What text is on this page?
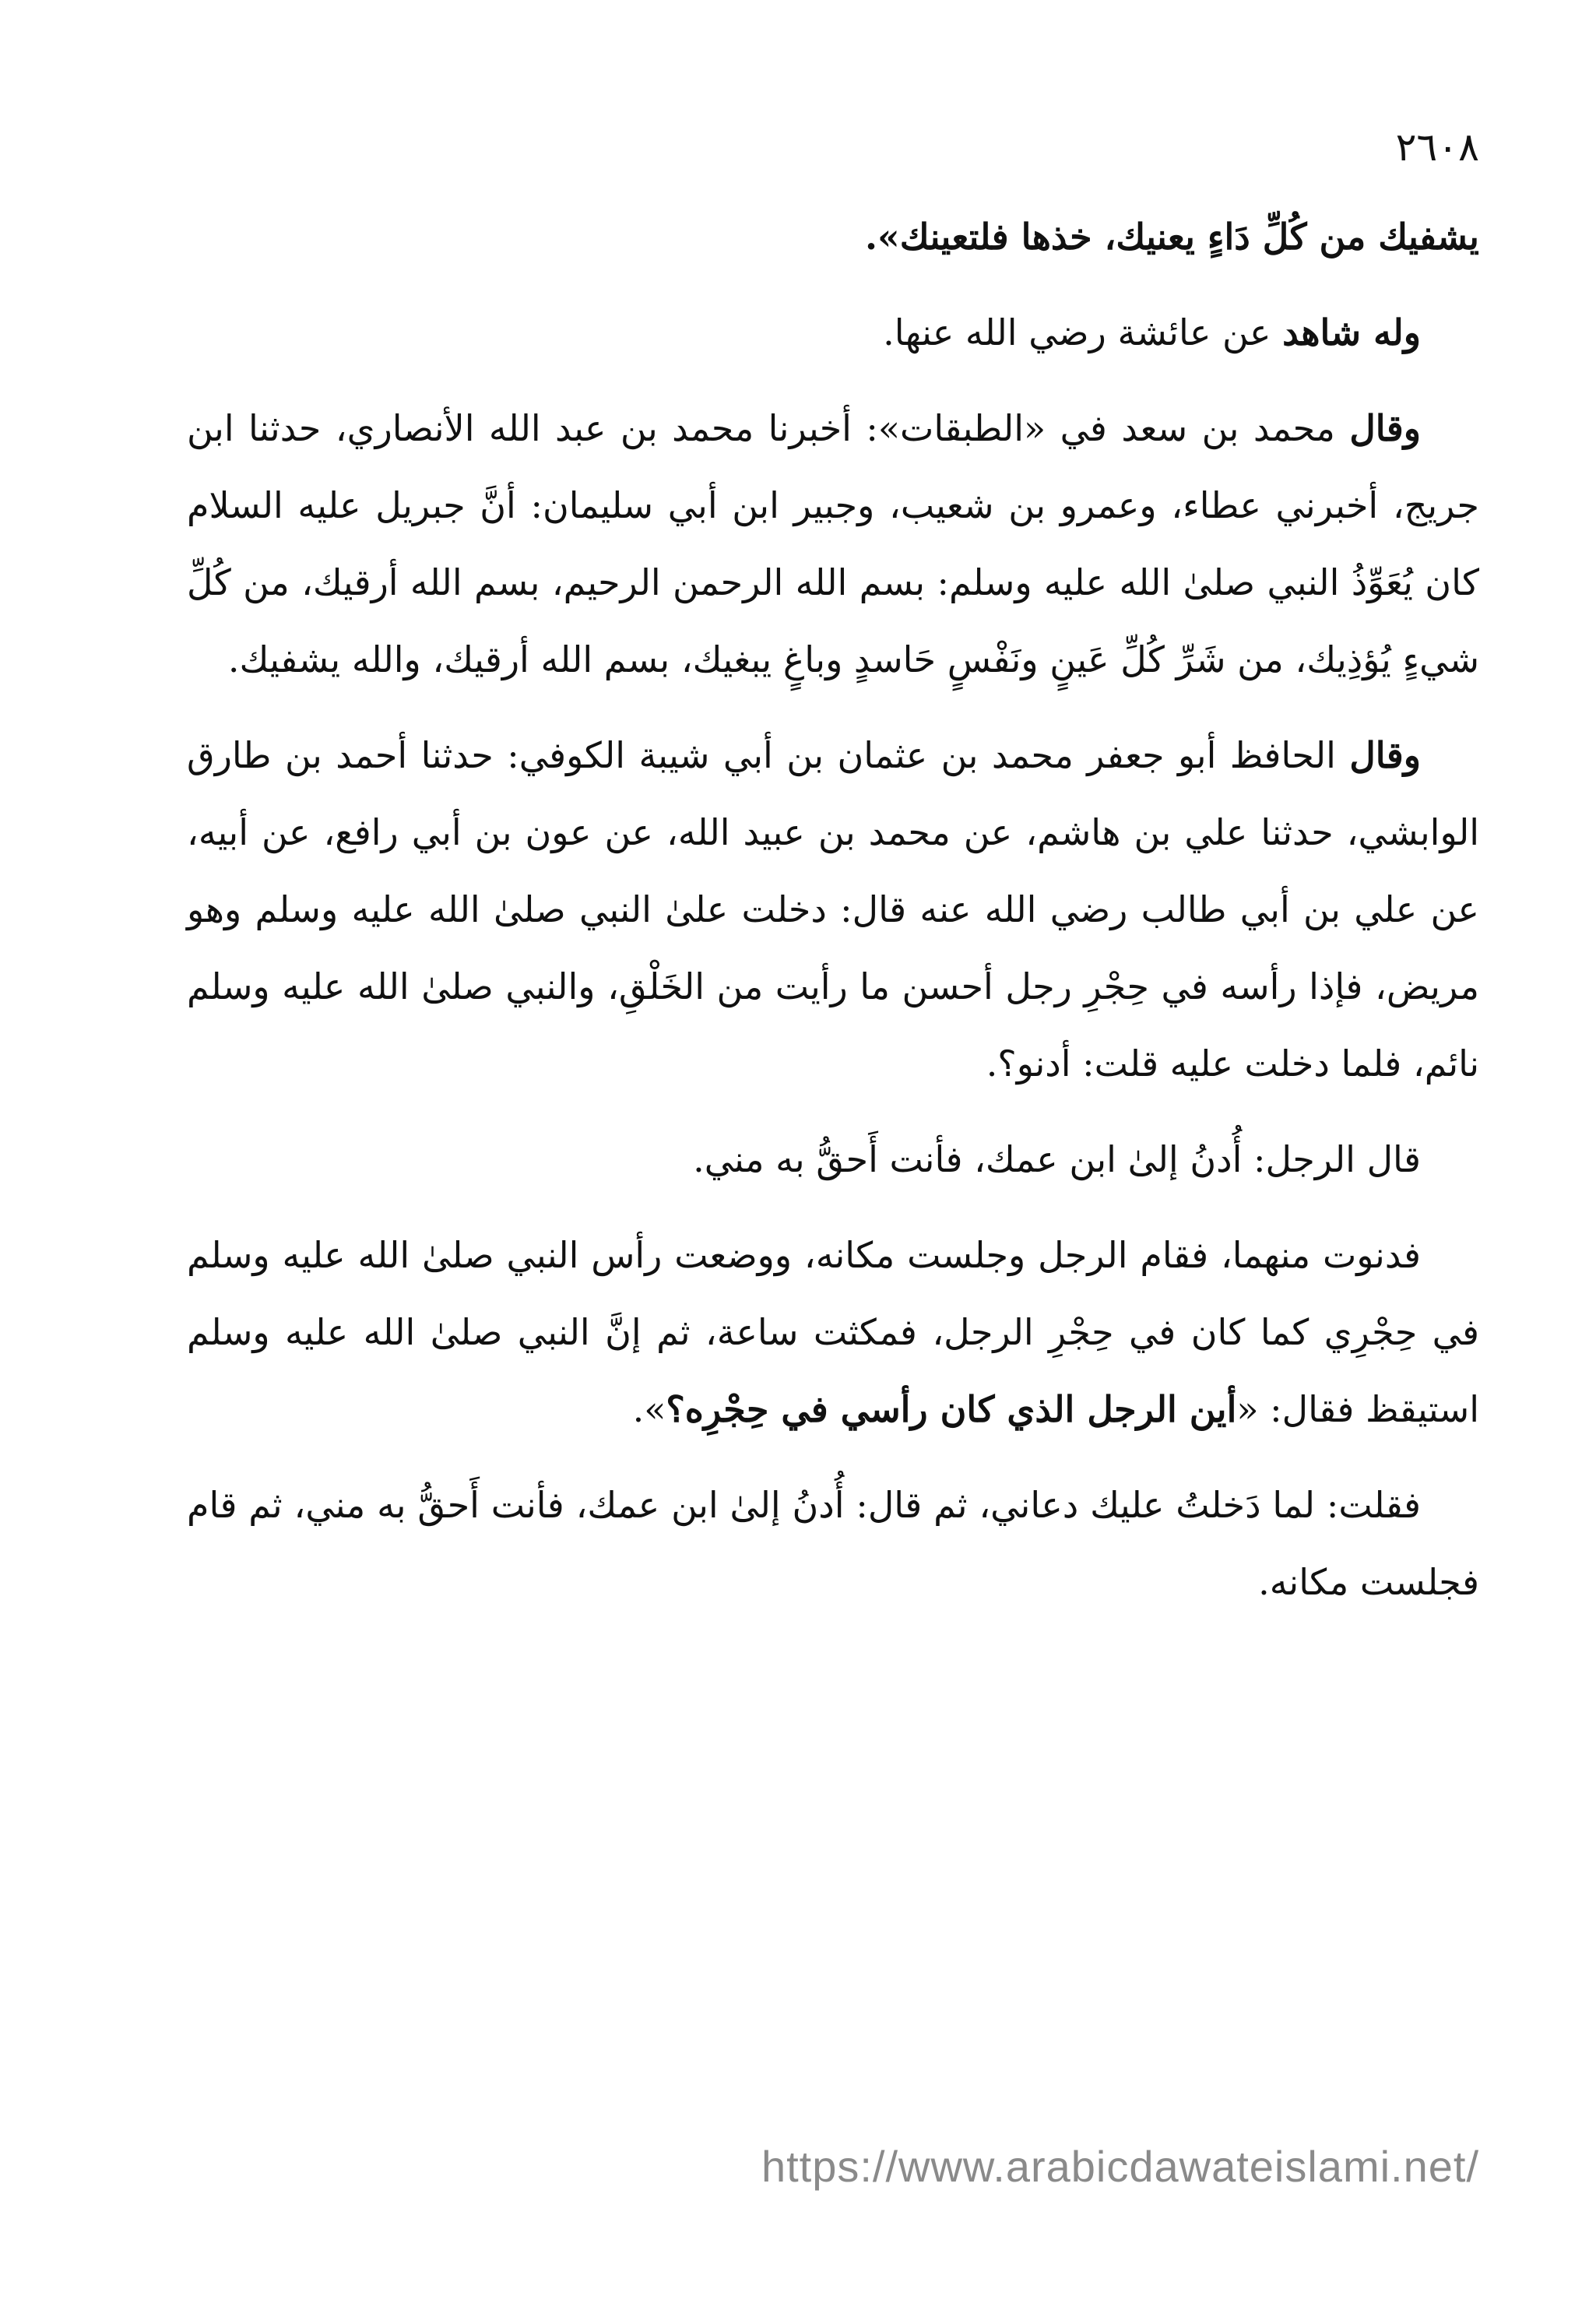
٢٦٠٨

يشفيك من كُلِّ دَاءٍ يعنيك، خذها فلتعينك».

وله شاهد عن عائشة رضي الله عنها.

وقال محمد بن سعد في «الطبقات»: أخبرنا محمد بن عبد الله الأنصاري، حدثنا ابن جريج، أخبرني عطاء، وعمرو بن شعيب، وجبير ابن أبي سليمان: أنَّ جبريل عليه السلام كان يُعَوِّذُ النبي صلىٰ الله عليه وسلم: بسم الله الرحمن الرحيم، بسم الله أرقيك، من كُلِّ شيءٍ يُؤذِيك، من شَرِّ كُلِّ عَينٍ ونَفْسٍ حَاسدٍ وباغٍ يبغيك، بسم الله أرقيك، والله يشفيك.

وقال الحافظ أبو جعفر محمد بن عثمان بن أبي شيبة الكوفي: حدثنا أحمد بن طارق الوابشي، حدثنا علي بن هاشم، عن محمد بن عبيد الله، عن عون بن أبي رافع، عن أبيه، عن علي بن أبي طالب رضي الله عنه قال: دخلت علىٰ النبي صلىٰ الله عليه وسلم وهو مريض، فإذا رأسه في حِجْرِ رجل أحسن ما رأيت من الخَلْقِ، والنبي صلىٰ الله عليه وسلم نائم، فلما دخلت عليه قلت: أدنو؟.

قال الرجل: أُدنُ إلىٰ ابن عمك، فأنت أَحقُّ به مني.

فدنوت منهما، فقام الرجل وجلست مكانه، ووضعت رأس النبي صلىٰ الله عليه وسلم في حِجْرِي كما كان في حِجْرِ الرجل، فمكثت ساعة، ثم إنَّ النبي صلىٰ الله عليه وسلم استيقظ فقال: «أين الرجل الذي كان رأسي في حِجْرِه؟».

فقلت: لما دَخلتُ عليك دعاني، ثم قال: أُدنُ إلىٰ ابن عمك، فأنت أَحقُّ به مني، ثم قام فجلست مكانه.

https://www.arabicdawateislami.net/
